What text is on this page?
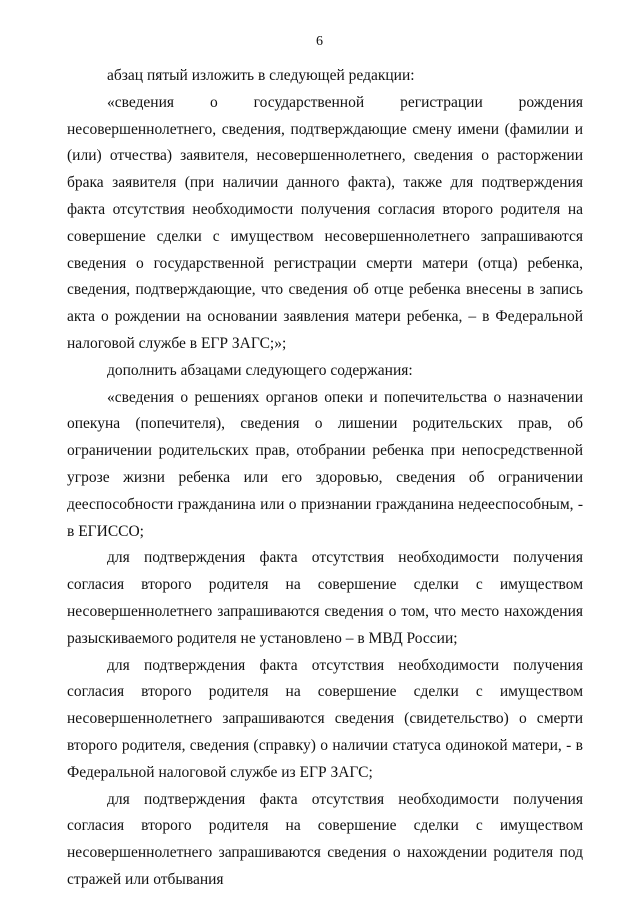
6

абзац пятый изложить в следующей редакции:

«сведения о государственной регистрации рождения несовершеннолетнего, сведения, подтверждающие смену имени (фамилии и (или) отчества) заявителя, несовершеннолетнего, сведения о расторжении брака заявителя (при наличии данного факта), также для подтверждения факта отсутствия необходимости получения согласия второго родителя на совершение сделки с имуществом несовершеннолетнего запрашиваются сведения о государственной регистрации смерти матери (отца) ребенка, сведения, подтверждающие, что сведения об отце ребенка внесены в запись акта о рождении на основании заявления матери ребенка, – в Федеральной налоговой службе в ЕГР ЗАГС;»;

дополнить абзацами следующего содержания:

«сведения о решениях органов опеки и попечительства о назначении опекуна (попечителя), сведения о лишении родительских прав, об ограничении родительских прав, отобрании ребенка при непосредственной угрозе жизни ребенка или его здоровью, сведения об ограничении дееспособности гражданина или о признании гражданина недееспособным, - в ЕГИССО;

для подтверждения факта отсутствия необходимости получения согласия второго родителя на совершение сделки с имуществом несовершеннолетнего запрашиваются сведения о том, что место нахождения разыскиваемого родителя не установлено – в МВД России;

для подтверждения факта отсутствия необходимости получения согласия второго родителя на совершение сделки с имуществом несовершеннолетнего запрашиваются сведения (свидетельство) о смерти второго родителя, сведения (справку) о наличии статуса одинокой матери, - в Федеральной налоговой службе из ЕГР ЗАГС;

для подтверждения факта отсутствия необходимости получения согласия второго родителя на совершение сделки с имуществом несовершеннолетнего запрашиваются сведения о нахождении родителя под стражей или отбывания
